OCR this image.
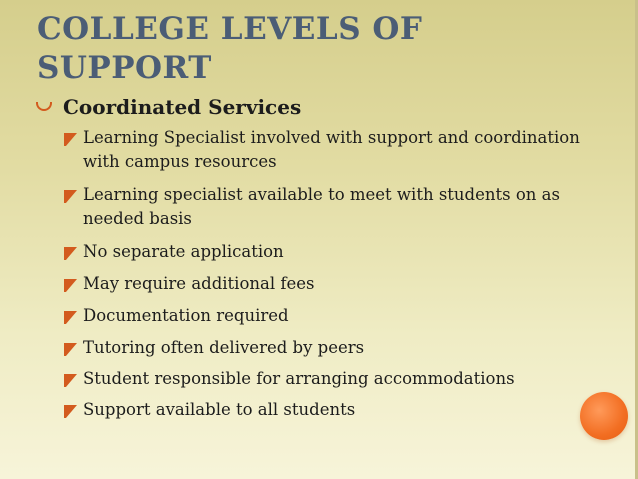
COLLEGE LEVELS OF SUPPORT
Coordinated Services
Learning Specialist involved with support and coordination with campus resources
Learning specialist available to meet with students on as needed basis
No separate application
May require additional fees
Documentation required
Tutoring often delivered by peers
Student responsible for arranging accommodations
Support available to all students
